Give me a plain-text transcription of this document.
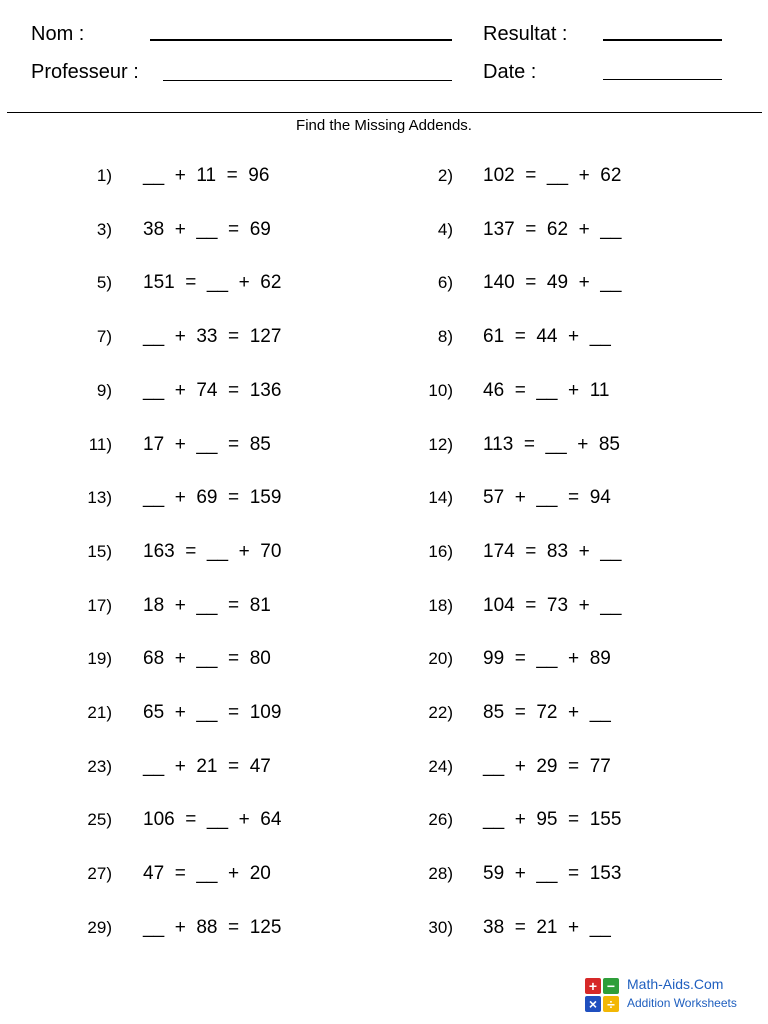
Nom :
Professeur :
Resultat :
Date :
Find the Missing Addends.
1) __  +  11  =  96	2) 102  =  __  +  62
3) 38  +  __  =  69	4) 137  =  62  +  __
5) 151  =  __  +  62	6) 140  =  49  +  __
7) __  +  33  =  127	8) 61  =  44  +  __
9) __  +  74  =  136	10) 46  =  __  +  11
11) 17  +  __  =  85	12) 113  =  __  +  85
13) __  +  69  =  159	14) 57  +  __  =  94
15) 163  =  __  +  70	16) 174  =  83  +  __
17) 18  +  __  =  81	18) 104  =  73  +  __
19) 68  +  __  =  80	20) 99  =  __  +  89
21) 65  +  __  =  109	22) 85  =  72  +  __
23) __  +  21  =  47	24) __  +  29  =  77
25) 106  =  __  +  64	26) __  +  95  =  155
27) 47  =  __  +  20	28) 59  +  __  =  153
29) __  +  88  =  125	30) 38  =  21  +  __
+ −
× ÷
Math-Aids.Com
Addition Worksheets
